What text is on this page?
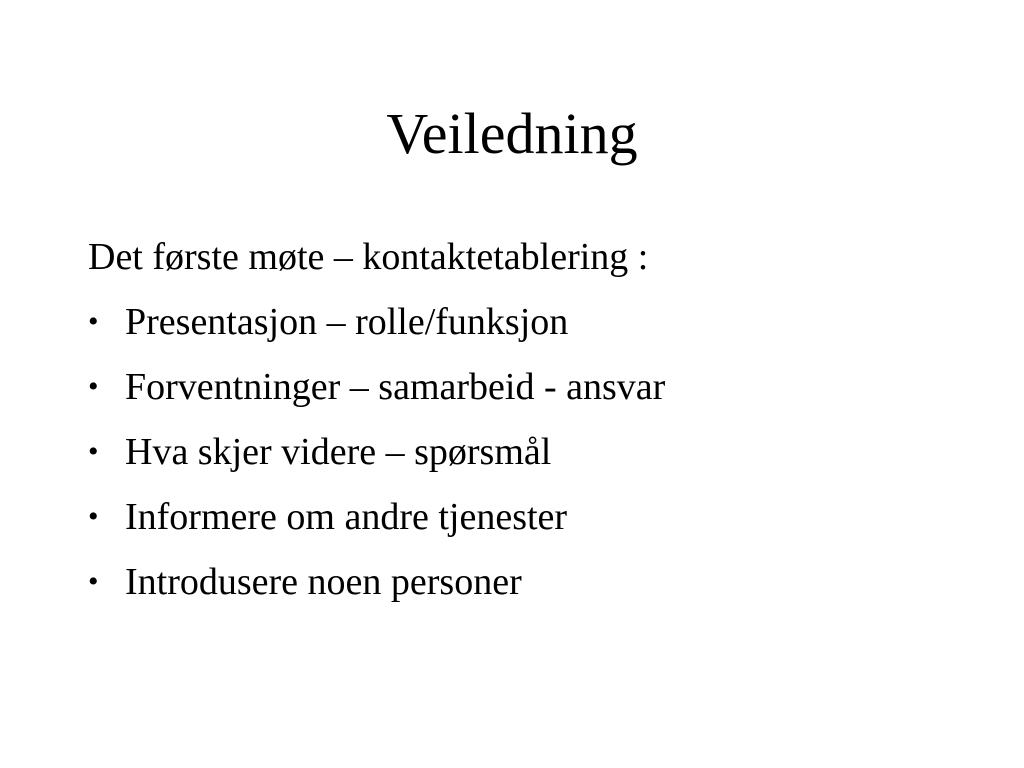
Veiledning

Det første møte – kontaktetablering :

• Presentasjon – rolle/funksjon
• Forventninger – samarbeid - ansvar
• Hva skjer videre – spørsmål
• Informere om andre tjenester
• Introdusere noen personer
